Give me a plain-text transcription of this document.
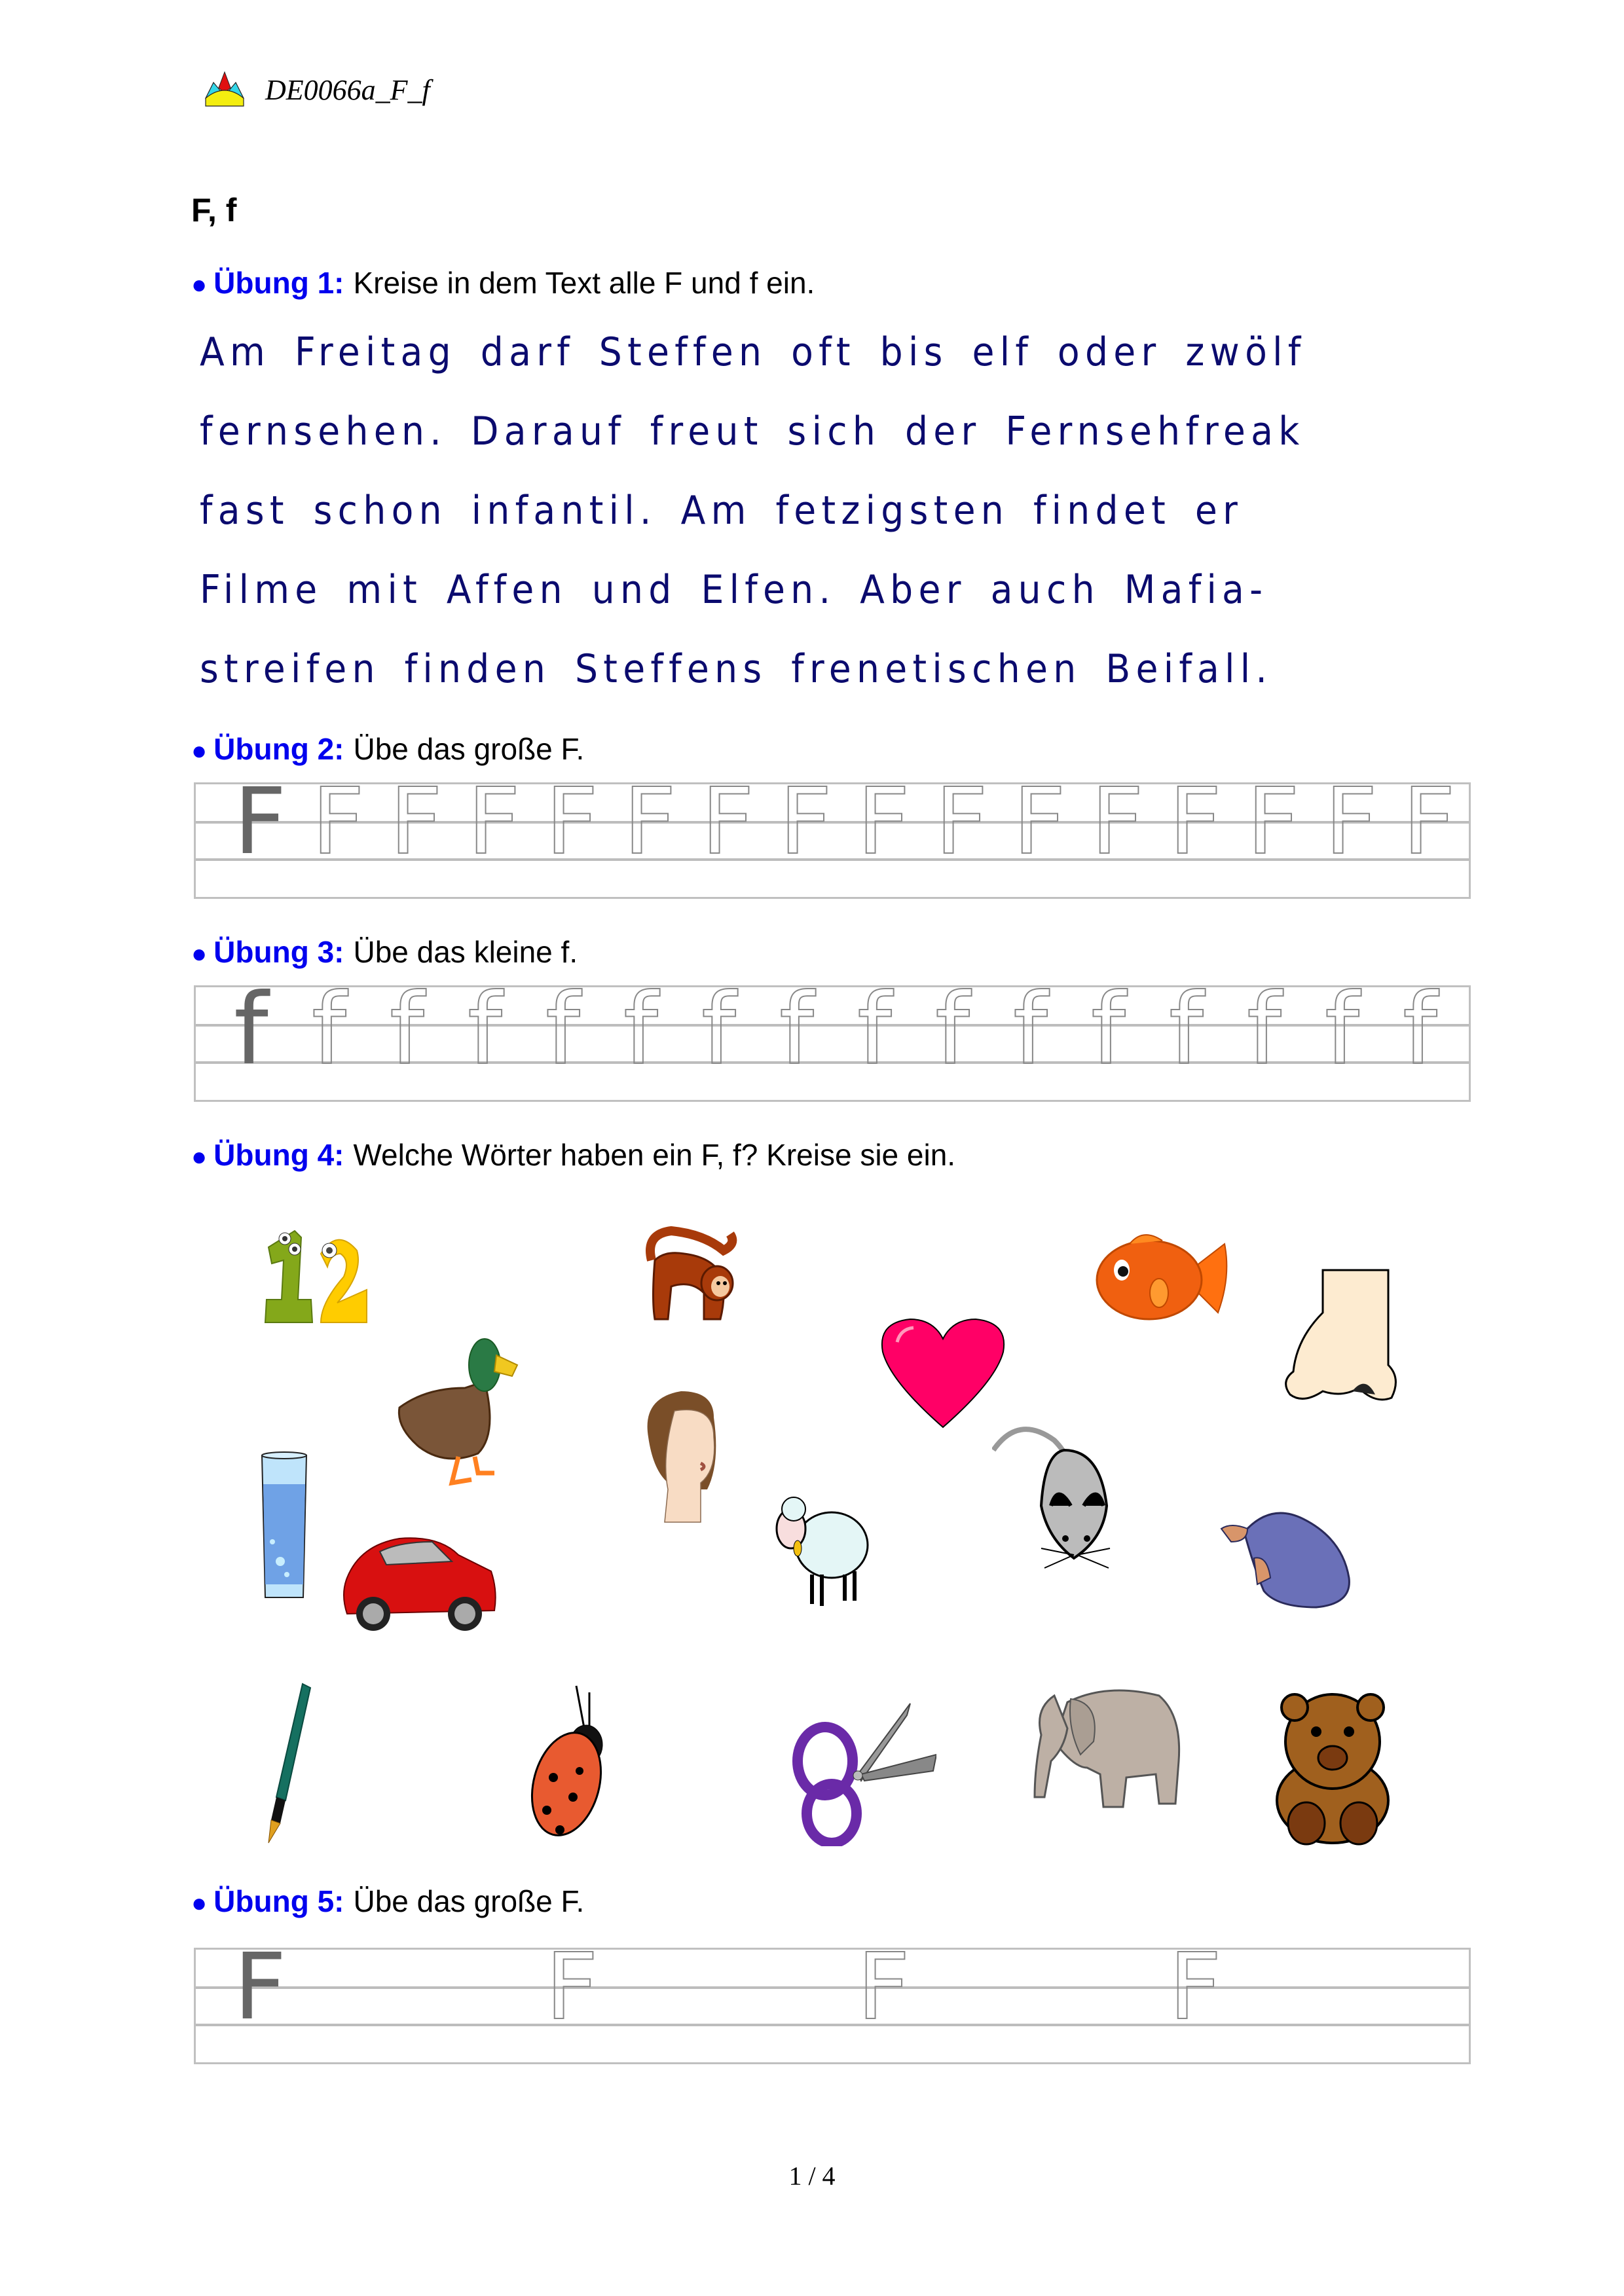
DE0066a_F_f
F, f
● Übung 1: Kreise in dem Text alle F und f ein.
Am Freitag darf Steffen oft bis elf oder zwölf
fernsehen. Darauf freut sich der Fernsehfreak
fast schon infantil. Am fetzigsten findet er
Filme mit Affen und Elfen. Aber auch Mafia-
streifen finden Steffens frenetischen Beifall.
● Übung 2: Übe das große F.
F F F F F F F F F F F F F F F F
● Übung 3: Übe das kleine f.
f f f f f f f f f f f f f f f f
● Übung 4: Welche Wörter haben ein F, f? Kreise sie ein.
● Übung 5: Übe das große F.
F	F	F	F
1 / 4
